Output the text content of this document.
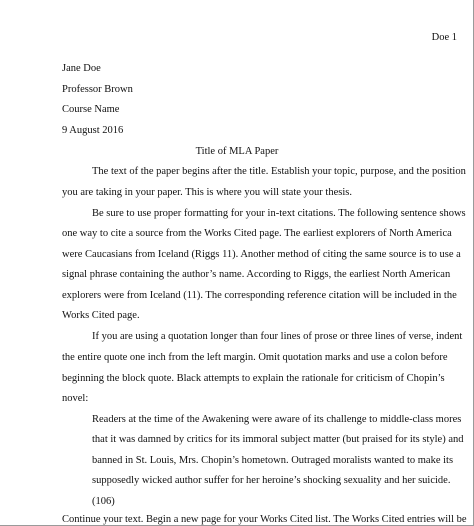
Doe 1
Jane Doe
Professor Brown
Course Name
9 August 2016
Title of MLA Paper
The text of the paper begins after the title. Establish your topic, purpose, and the position
you are taking in your paper. This is where you will state your thesis.
Be sure to use proper formatting for your in-text citations. The following sentence shows
one way to cite a source from the Works Cited page. The earliest explorers of North America
were Caucasians from Iceland (Riggs 11). Another method of citing the same source is to use a
signal phrase containing the author’s name. According to Riggs, the earliest North American
explorers were from Iceland (11). The corresponding reference citation will be included in the
Works Cited page.
If you are using a quotation longer than four lines of prose or three lines of verse, indent
the entire quote one inch from the left margin. Omit quotation marks and use a colon before
beginning the block quote. Black attempts to explain the rationale for criticism of Chopin’s
novel:
Readers at the time of the Awakening were aware of its challenge to middle-class mores
that it was damned by critics for its immoral subject matter (but praised for its style) and
banned in St. Louis, Mrs. Chopin’s hometown. Outraged moralists wanted to make its
supposedly wicked author suffer for her heroine’s shocking sexuality and her suicide.
(106)
Continue your text. Begin a new page for your Works Cited list. The Works Cited entries will be
